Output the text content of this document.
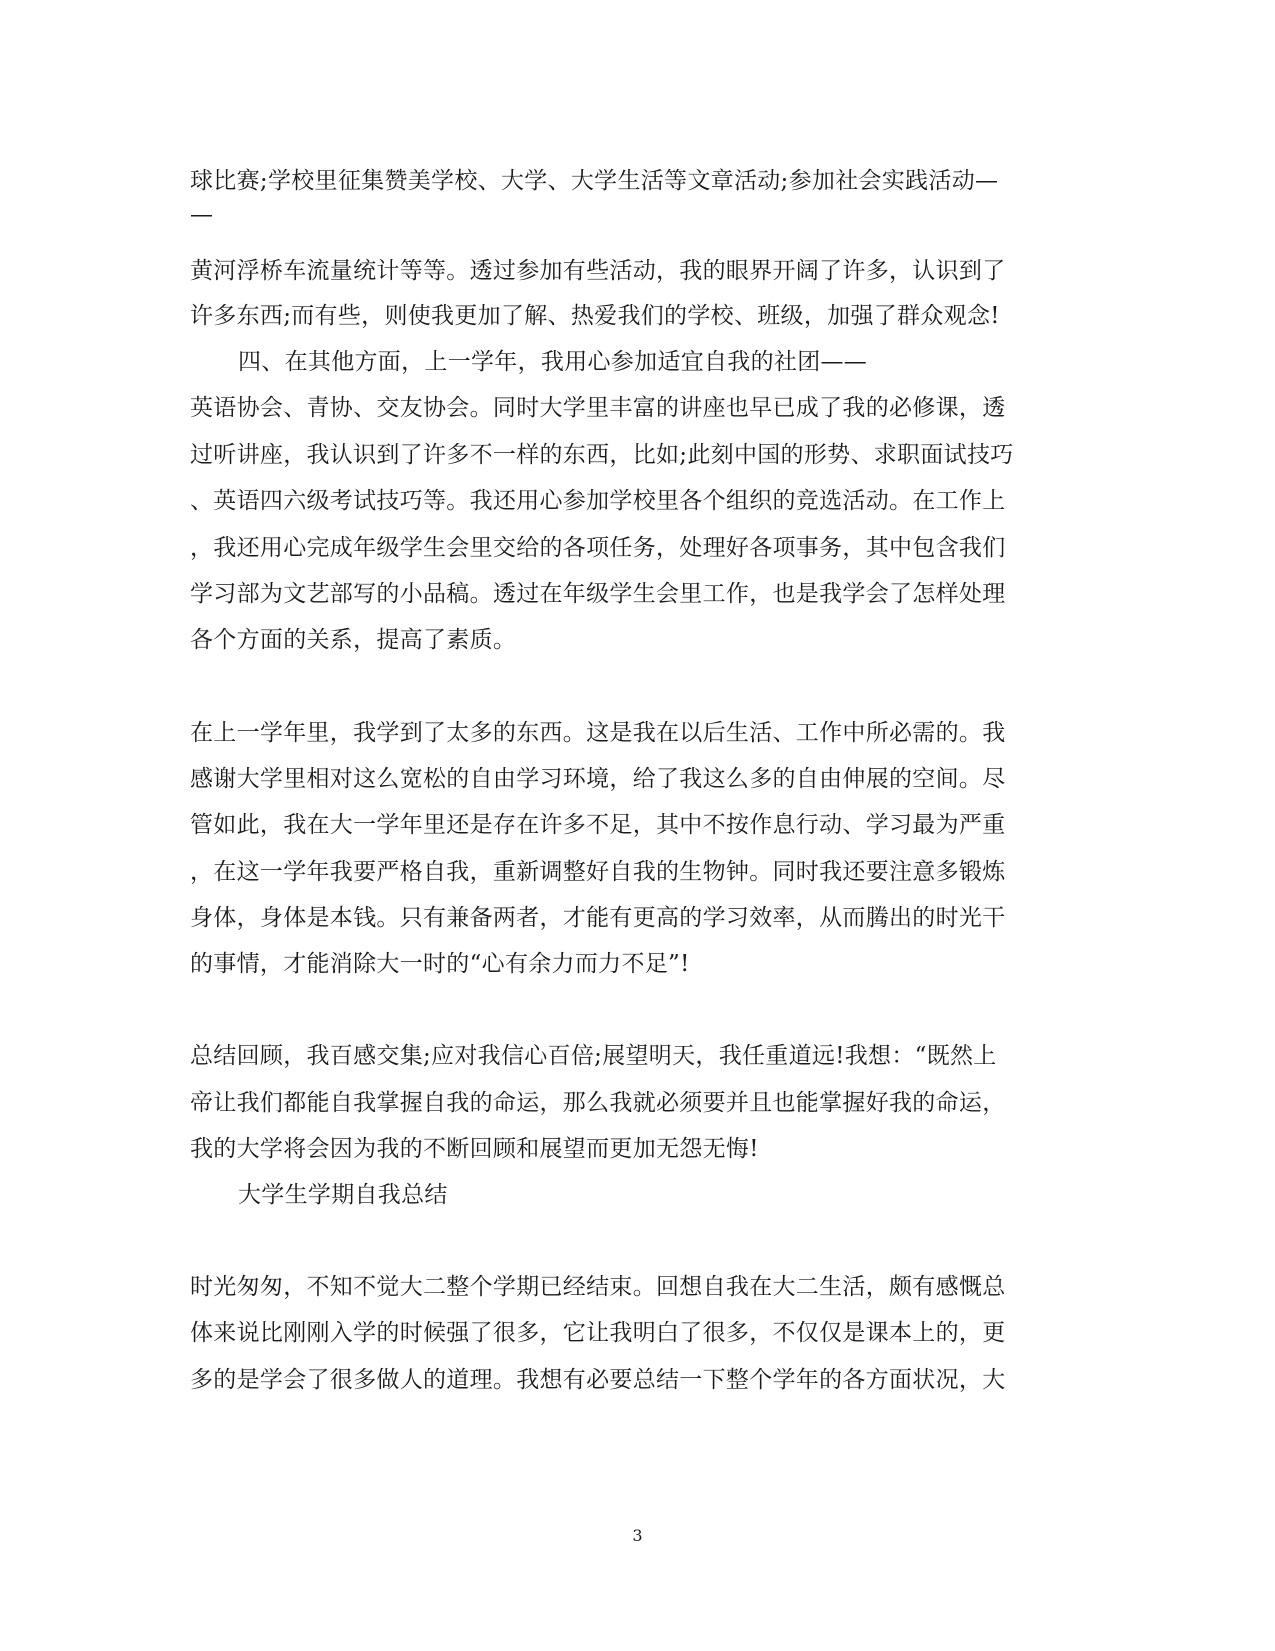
球比赛;学校里征集赞美学校、大学、大学生活等文章活动;参加社会实践活动—
—
黄河浮桥车流量统计等等。透过参加有些活动，我的眼界开阔了许多，认识到了
许多东西;而有些，则使我更加了解、热爱我们的学校、班级，加强了群众观念!
四、在其他方面，上一学年，我用心参加适宜自我的社团——
英语协会、青协、交友协会。同时大学里丰富的讲座也早已成了我的必修课，透
过听讲座，我认识到了许多不一样的东西，比如;此刻中国的形势、求职面试技巧
、英语四六级考试技巧等。我还用心参加学校里各个组织的竞选活动。在工作上
，我还用心完成年级学生会里交给的各项任务，处理好各项事务，其中包含我们
学习部为文艺部写的小品稿。透过在年级学生会里工作，也是我学会了怎样处理
各个方面的关系，提高了素质。
在上一学年里，我学到了太多的东西。这是我在以后生活、工作中所必需的。我
感谢大学里相对这么宽松的自由学习环境，给了我这么多的自由伸展的空间。尽
管如此，我在大一学年里还是存在许多不足，其中不按作息行动、学习最为严重
，在这一学年我要严格自我，重新调整好自我的生物钟。同时我还要注意多锻炼
身体，身体是本钱。只有兼备两者，才能有更高的学习效率，从而腾出的时光干
的事情，才能消除大一时的“心有余力而力不足”!
总结回顾，我百感交集;应对我信心百倍;展望明天，我任重道远!我想：“既然上
帝让我们都能自我掌握自我的命运，那么我就必须要并且也能掌握好我的命运，
我的大学将会因为我的不断回顾和展望而更加无怨无悔!
大学生学期自我总结
时光匆匆，不知不觉大二整个学期已经结束。回想自我在大二生活，颇有感慨总
体来说比刚刚入学的时候强了很多，它让我明白了很多，不仅仅是课本上的，更
多的是学会了很多做人的道理。我想有必要总结一下整个学年的各方面状况，大
3
